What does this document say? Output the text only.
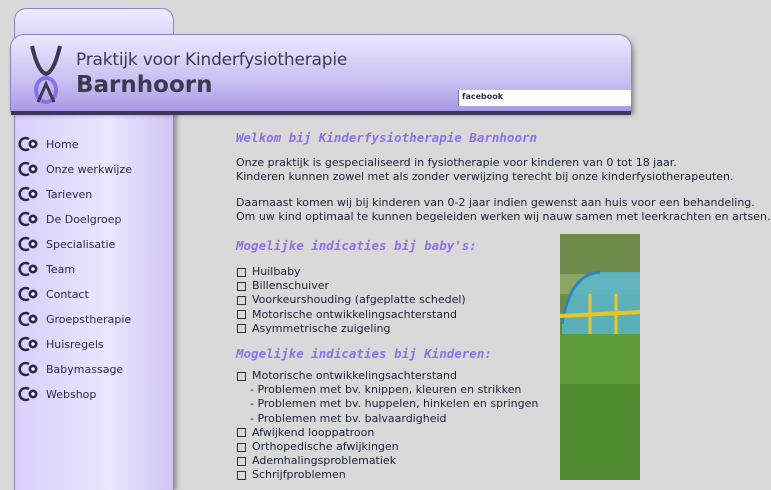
facebook
Praktijk voor Kinderfysiotherapie
Barnhoorn
Home
Onze werkwijze
Tarieven
De Doelgroep
Specialisatie
Team
Contact
Groepstherapie
Huisregels
Babymassage
Webshop
Welkom bij Kinderfysiotherapie Barnhoorn
Onze praktijk is gespecialiseerd in fysiotherapie voor kinderen van 0 tot 18 jaar.
Kinderen kunnen zowel met als zonder verwijzing terecht bij onze kinderfysiotherapeuten.
Daarnaast komen wij bij kinderen van 0-2 jaar indien gewenst aan huis voor een behandeling.
Om uw kind optimaal te kunnen begeleiden werken wij nauw samen met leerkrachten en artsen.
Mogelijke indicaties bij baby's:
Huilbaby
Billenschuiver
Voorkeurshouding (afgeplatte schedel)
Motorische ontwikkelingsachterstand
Asymmetrische zuigeling
Mogelijke indicaties bij Kinderen:
Motorische ontwikkelingsachterstand
- Problemen met bv. knippen, kleuren en strikken
- Problemen met bv. huppelen, hinkelen en springen
- Problemen met bv. balvaardigheid
Afwijkend looppatroon
Orthopedische afwijkingen
Ademhalingsproblematiek
Schrijfproblemen
